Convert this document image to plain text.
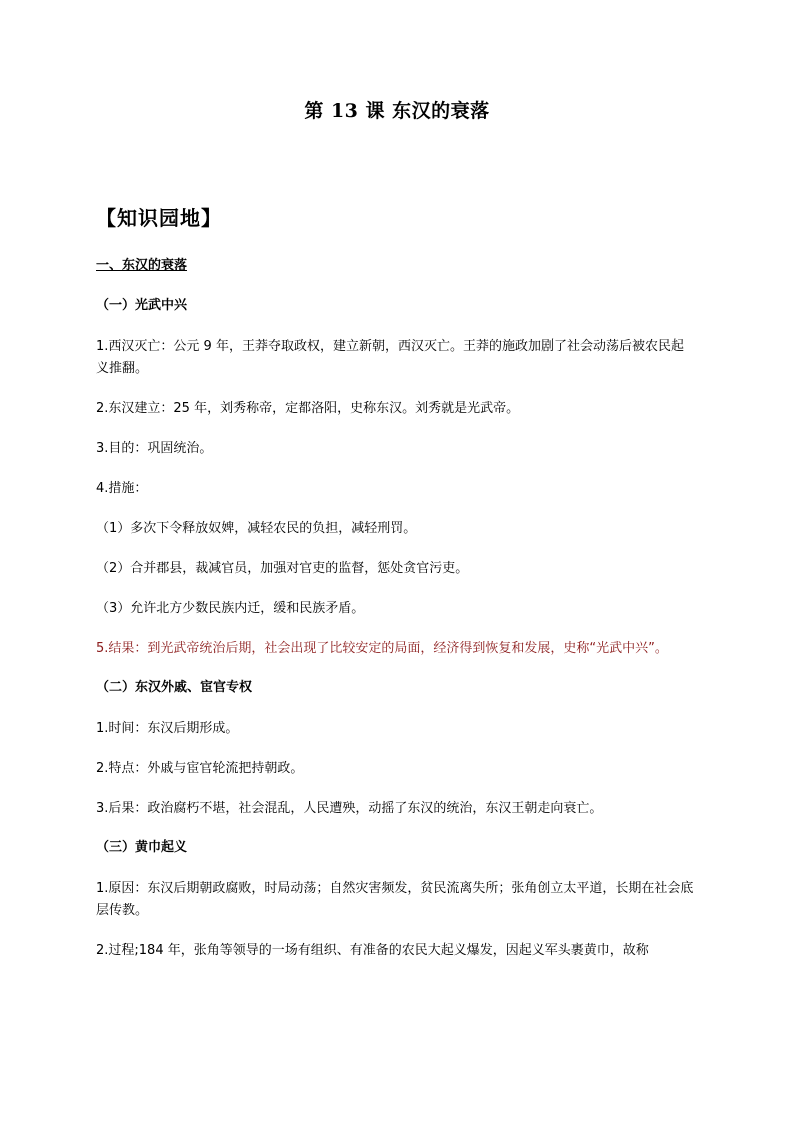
第 13 课 东汉的衰落
【知识园地】
一、东汉的衰落
（一）光武中兴
1.西汉灭亡：公元 9 年，王莽夺取政权，建立新朝，西汉灭亡。王莽的施政加剧了社会动荡后被农民起义推翻。
2.东汉建立：25 年，刘秀称帝，定都洛阳，史称东汉。刘秀就是光武帝。
3.目的：巩固统治。
4.措施：
（1）多次下令释放奴婢，减轻农民的负担，减轻刑罚。
（2）合并郡县，裁减官员，加强对官吏的监督，惩处贪官污吏。
（3）允许北方少数民族内迁，缓和民族矛盾。
5.结果：到光武帝统治后期，社会出现了比较安定的局面，经济得到恢复和发展，史称“光武中兴”。
（二）东汉外戚、宦官专权
1.时间：东汉后期形成。
2.特点：外戚与宦官轮流把持朝政。
3.后果：政治腐朽不堪，社会混乱，人民遭殃，动摇了东汉的统治，东汉王朝走向衰亡。
（三）黄巾起义
1.原因：东汉后期朝政腐败，时局动荡；自然灾害频发，贫民流离失所；张角创立太平道，长期在社会底层传教。
2.过程;184 年，张角等领导的一场有组织、有准备的农民大起义爆发，因起义军头裹黄巾，故称
